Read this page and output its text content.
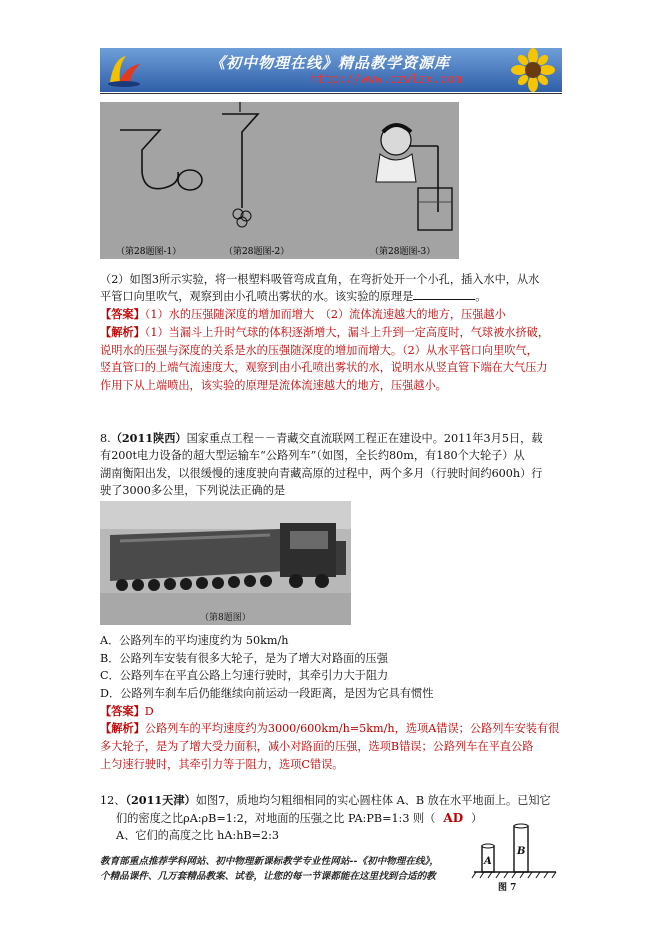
《初中物理在线》精品教学资源库
http://www.czwlzx.com
（第28题图-1）	（第28题图-2）	（第28题图-3）
（2）如图3所示实验，将一根塑料吸管弯成直角，在弯折处开一个小孔，插入水中，从水
平管口向里吹气，观察到由小孔喷出雾状的水。该实验的原理是	。
【答案】（1）水的压强随深度的增加而增大　（2）流体流速越大的地方，压强越小
【解析】（1）当漏斗上升时气球的体积逐渐增大，漏斗上升到一定高度时，气球被水挤破，
说明水的压强与深度的关系是水的压强随深度的增加而增大。（2）从水平管口向里吹气，
竖直管口的上端气流速度大，观察到由小孔喷出雾状的水，说明水从竖直管下端在大气压力
作用下从上端喷出，该实验的原理是流体流速越大的地方，压强越小。
8.（2011陕西）国家重点工程－－青藏交直流联网工程正在建设中。2011年3月5日，载
有200t电力设备的超大型运输车“公路列车”（如图，全长约80m，有180个大轮子）从
湖南衡阳出发，以很缓慢的速度驶向青藏高原的过程中，两个多月（行驶时间约600h）行
驶了3000多公里，下列说法正确的是
（第8题图）
A．公路列车的平均速度约为 50km/h
B．公路列车安装有很多大轮子，是为了增大对路面的压强
C．公路列车在平直公路上匀速行驶时，其牵引力大于阻力
D．公路列车刹车后仍能继续向前运动一段距离，是因为它具有惯性
【答案】D
【解析】公路列车的平均速度约为3000/600km/h=5km/h，选项A错误；公路列车安装有很
多大轮子，是为了增大受力面积，减小对路面的压强，选项B错误；公路列车在平直公路
上匀速行驶时，其牵引力等于阻力，选项C错误。
12、（2011天津）如图7，质地均匀粗细相同的实心圆柱体 A、B 放在水平地面上。已知它
们的密度之比ρA:ρB=1:2，对地面的压强之比 PA:PB=1:3 则（ AD ）
A、它们的高度之比 hA:hB=2:3
A
B
图 7
教育部重点推荐学科网站、初中物理新课标教学专业性网站--《初中物理在线》，
个精品课件、几万套精品教案、试卷，让您的每一节课都能在这里找到合适的教
